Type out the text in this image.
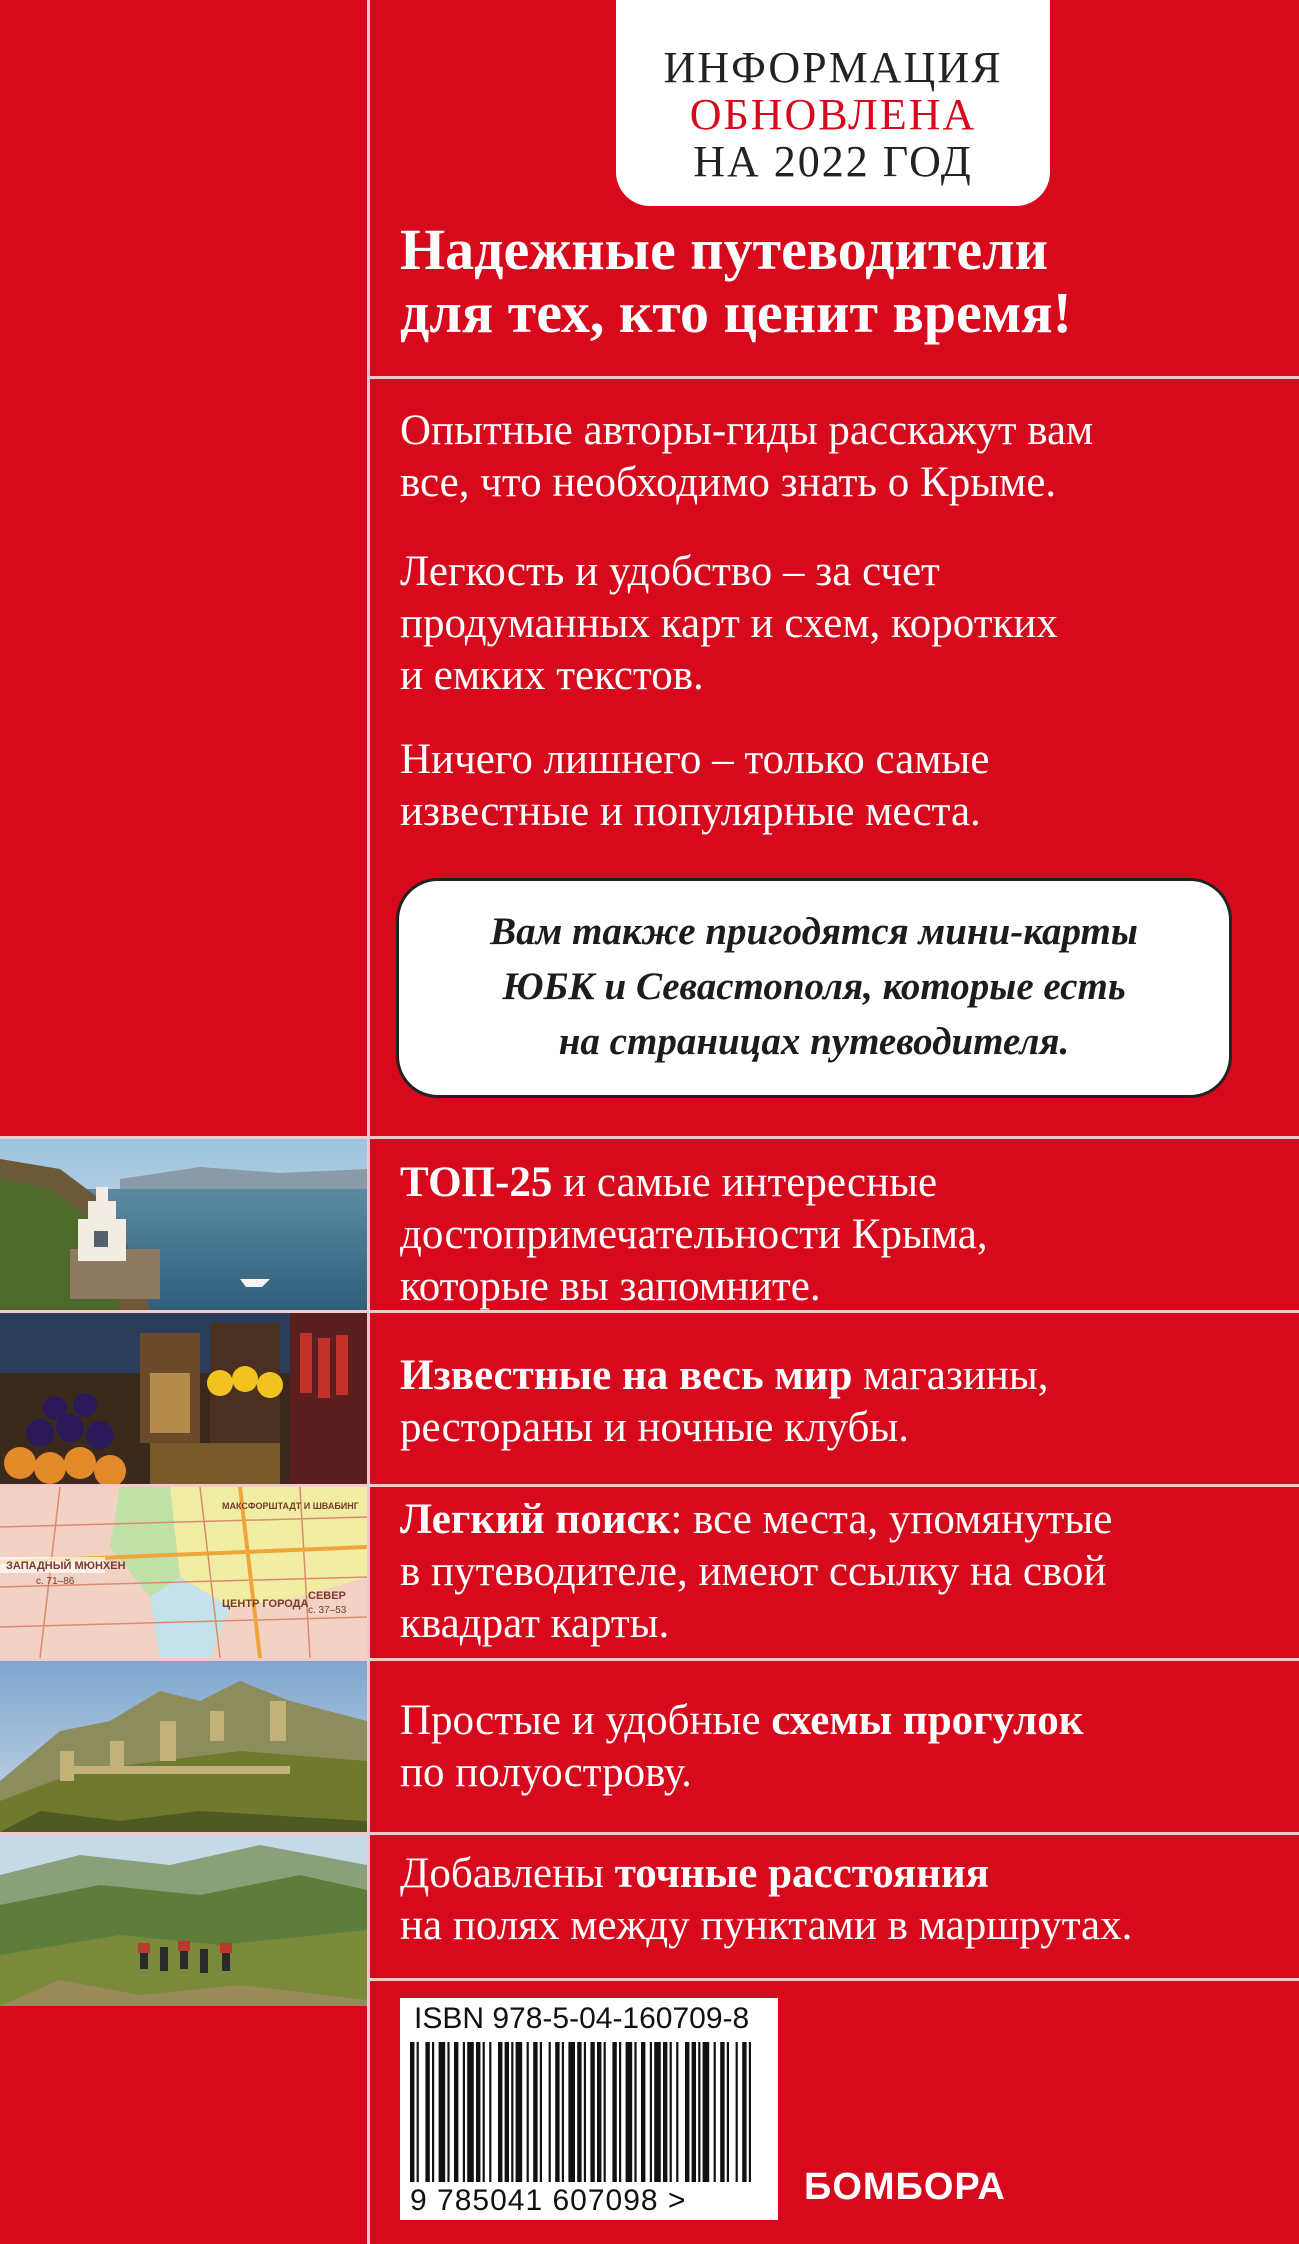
ИНФОРМАЦИЯ
ОБНОВЛЕНА
НА 2022 ГОД
Надежные путеводители
для тех, кто ценит время!
Опытные авторы-гиды расскажут вам
все, что необходимо знать о Крыме.
Легкость и удобство – за счет
продуманных карт и схем, коротких
и емких текстов.
Ничего лишнего – только самые
известные и популярные места.
Вам также пригодятся мини-карты
ЮБК и Севастополя, которые есть
на страницах путеводителя.
ЗАПАДНЫЙ МЮНХЕН
с. 71–86
МАКСФОРШТАДТ И ШВАБИНГ
ЦЕНТР ГОРОДА
СЕВЕР
с. 37–53
ТОП-25 и самые интересные
достопримечательности Крыма,
которые вы запомните.
Известные на весь мир магазины,
рестораны и ночные клубы.
Легкий поиск: все места, упомянутые
в путеводителе, имеют ссылку на свой
квадрат карты.
Простые и удобные схемы прогулок
по полуострову.
Добавлены точные расстояния
на полях между пунктами в маршрутах.
ISBN 978-5-04-160709-8
9 785041 607098 >	БОМБОРА
